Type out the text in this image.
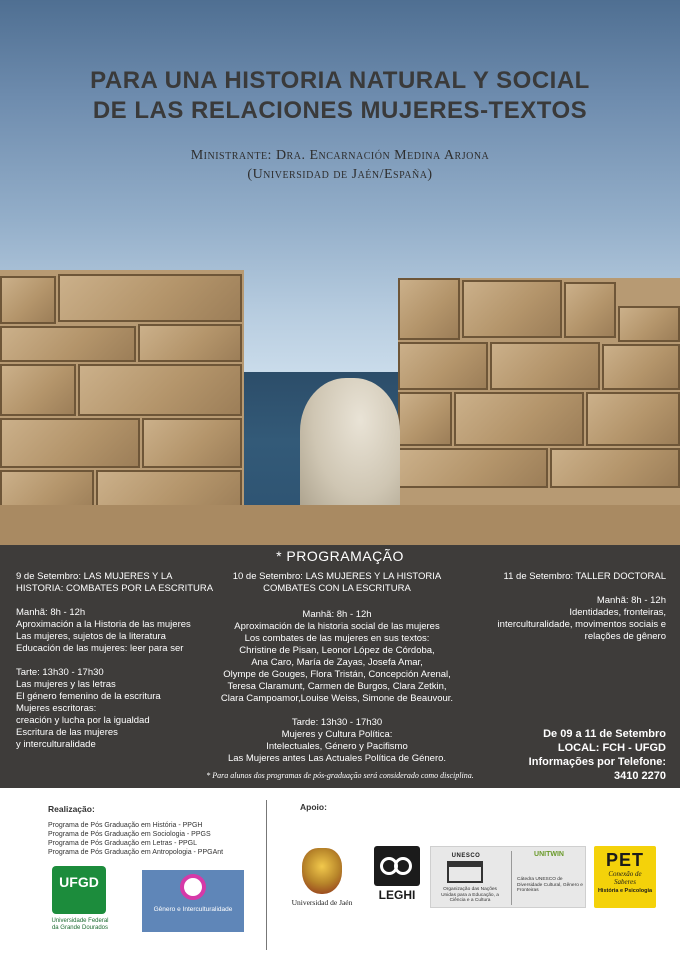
PARA UNA HISTORIA NATURAL Y SOCIAL
DE LAS RELACIONES MUJERES-TEXTOS
Ministrante: Dra. Encarnación Medina Arjona
(Universidad de Jaén/España)
* PROGRAMAÇÃO
9 de Setembro: LAS MUJERES Y LA
HISTORIA: COMBATES POR LA ESCRITURA
Manhã: 8h - 12h
Aproximación a la Historia de las mujeres
Las mujeres, sujetos de la literatura
Educación de las mujeres: leer para ser
Tarte: 13h30 - 17h30
Las mujeres y las letras
El género femenino de la escritura
Mujeres escritoras:
creación y lucha por la igualdad
Escritura de las mujeres
y interculturalidade
10 de Setembro: LAS MUJERES Y LA HISTORIA
COMBATES CON LA ESCRITURA
Manhã: 8h - 12h
Aproximación de la historia social de las mujeres
Los combates de las mujeres en sus textos:
Christine de Pisan, Leonor López de Córdoba,
Ana Caro, María de Zayas, Josefa Amar,
Olympe de Gouges, Flora Tristán, Concepción Arenal,
Teresa Claramunt, Carmen de Burgos, Clara Zetkin,
Clara Campoamor,Louise Weiss, Simone de Beauvour.
Tarde: 13h30 - 17h30
Mujeres y Cultura Política:
Intelectuales, Género y Pacifismo
Las Mujeres antes Las Actuales Política de Género.
11 de Setembro: TALLER DOCTORAL
Manhã: 8h - 12h
Identidades, fronteiras,
interculturalidade, movimentos sociais e
relações de gênero
De 09 a 11 de Setembro
LOCAL: FCH - UFGD
Informações por Telefone:
3410 2270
* Para alunos dos programas de pós-graduação será considerado como disciplina.
Realização:
Programa de Pós Graduação em História - PPGH
Programa de Pós Graduação em Sociologia - PPGS
Programa de Pós Graduação em Letras - PPGL
Programa de Pós Graduação em Antropologia - PPGAnt
UFGD
Universidade Federal
da Grande Dourados
Gênero e Interculturalidade
Apoio:
Universidad de Jaén
LEGHI
UNESCO
Organização das Nações Unidas para a Educação, a Ciência e a Cultura
UNITWIN
Cátedra UNESCO de Diversidade Cultural, Gênero e Fronteiras
PET
Conexão de
Saberes
História e Psicologia
